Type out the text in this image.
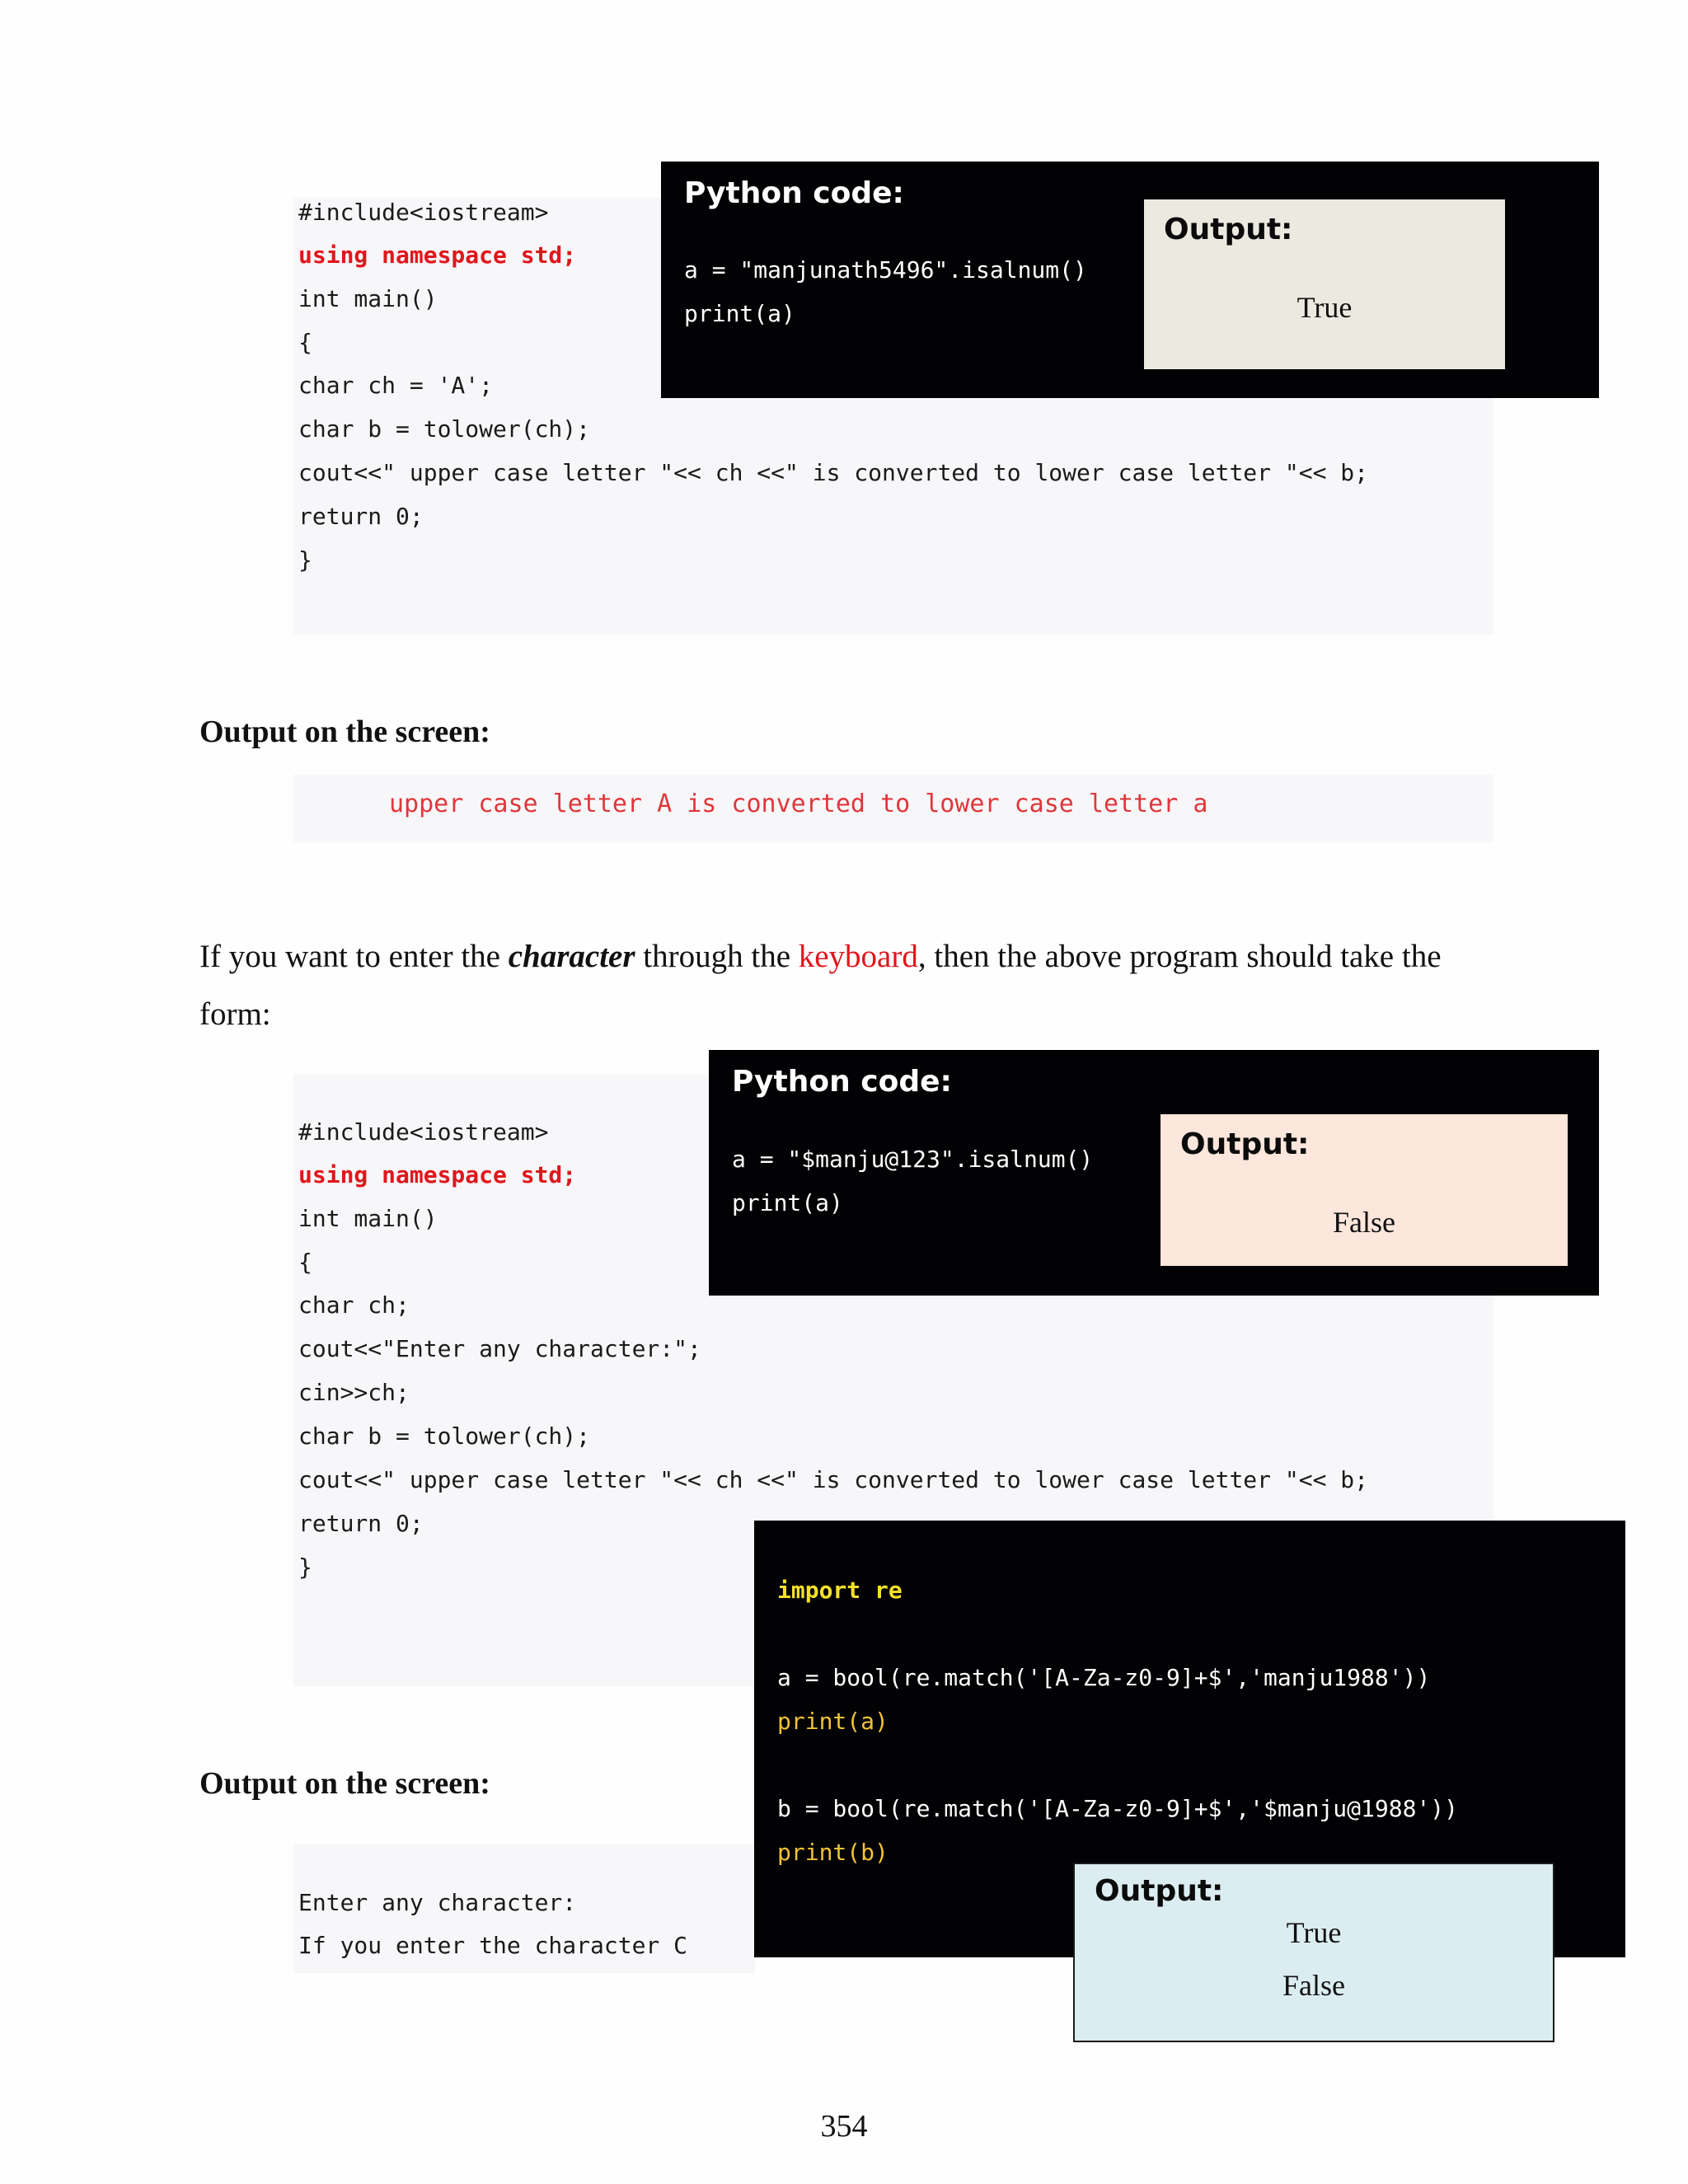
#include<iostream>

using namespace std;

int main()

{

char ch = 'A';

char b = tolower(ch);

cout<<" upper case letter "<< ch <<" is converted to lower case letter "<< b;

return 0;

}

Python code:
a = "manjunath5496".isalnum()
print(a)
Output:
True
Output on the screen:
upper case letter A is converted to lower case letter a
If you want to enter the character through the keyboard, then the above program should take the
form:

#include<iostream>

using namespace std;

int main()

{

char ch;

cout<<"Enter any character:";

cin>>ch;

char b = tolower(ch);

cout<<" upper case letter "<< ch <<" is converted to lower case letter "<< b;

return 0;

}

Python code:
a = "$manju@123".isalnum()
print(a)
Output:
False
Output on the screen:
Enter any character:
If you enter the character C
import re
a = bool(re.match('[A-Za-z0-9]+$','manju1988'))
print(a)
b = bool(re.match('[A-Za-z0-9]+$','$manju@1988'))
print(b)
Output:
True
False
354
